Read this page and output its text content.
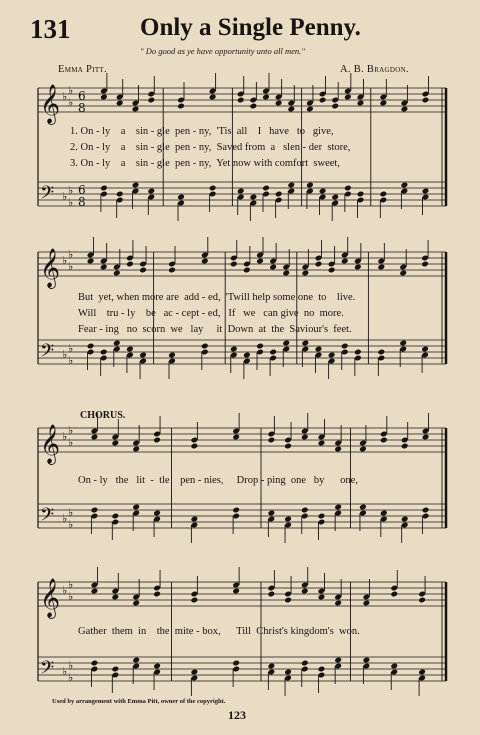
131	Only a Single Penny.
" Do good as ye have opportunity unto all men."
Emma Pitt.	A. B. Bragdon.
𝄞
𝄢
♭ ♭
♭
♭ ♭
♭
6
8
6
8
𝄞
𝄢
♭ ♭
♭
♭ ♭
♭
𝄞
𝄢
♭ ♭
♭
♭ ♭
♭
𝄞
𝄢
♭ ♭
♭
♭ ♭
♭
1. On - ly    a    sin - gle  pen - ny,  'Tis  all    I   have   to   give,
2. On - ly    a    sin - gle  pen - ny,  Saved from  a   slen - der  store,
3. On - ly    a    sin - gle  pen - ny,  Yet now with comfort  sweet,
But  yet, when more are  add - ed,  'Twill help some one  to    live.
Will    tru - ly    be   ac - cept - ed,   If   we   can give  no  more.
Fear - ing   no  scorn  we   lay     it  Down  at  the  Saviour's  feet.
CHORUS.
On - ly   the   lit  -  tle    pen - nies,     Drop - ping  one   by      one,
Gather  them  in    the  mite - box,      Till  Christ's kingdom's  won.
Used by arrangement with Emma Pitt, owner of the copyright.
123
